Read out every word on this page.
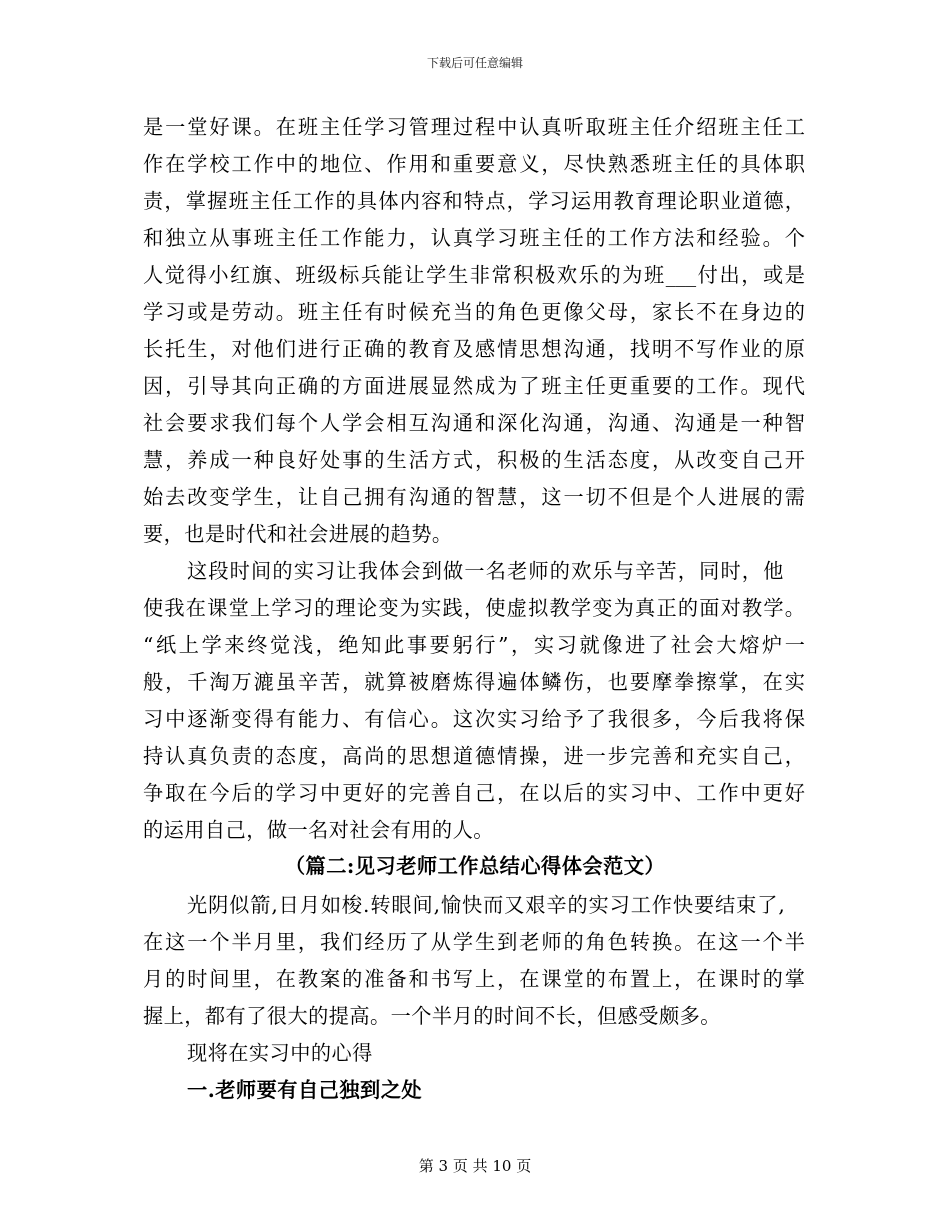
下载后可任意编辑
是一堂好课。在班主任学习管理过程中认真听取班主任介绍班主任工
作在学校工作中的地位、作用和重要意义，尽快熟悉班主任的具体职
责，掌握班主任工作的具体内容和特点，学习运用教育理论职业道德，
和独立从事班主任工作能力，认真学习班主任的工作方法和经验。个
人觉得小红旗、班级标兵能让学生非常积极欢乐的为班___付出，或是
学习或是劳动。班主任有时候充当的角色更像父母，家长不在身边的
长托生，对他们进行正确的教育及感情思想沟通，找明不写作业的原
因，引导其向正确的方面进展显然成为了班主任更重要的工作。现代
社会要求我们每个人学会相互沟通和深化沟通，沟通、沟通是一种智
慧，养成一种良好处事的生活方式，积极的生活态度，从改变自己开
始去改变学生，让自己拥有沟通的智慧，这一切不但是个人进展的需
要，也是时代和社会进展的趋势。
这段时间的实习让我体会到做一名老师的欢乐与辛苦，同时，他
使我在课堂上学习的理论变为实践，使虚拟教学变为真正的面对教学。
“纸上学来终觉浅，绝知此事要躬行”，实习就像进了社会大熔炉一
般，千淘万漉虽辛苦，就算被磨炼得遍体鳞伤，也要摩拳擦掌，在实
习中逐渐变得有能力、有信心。这次实习给予了我很多，今后我将保
持认真负责的态度，高尚的思想道德情操，进一步完善和充实自己，
争取在今后的学习中更好的完善自己，在以后的实习中、工作中更好
的运用自己，做一名对社会有用的人。
（篇二:见习老师工作总结心得体会范文）
光阴似箭,日月如梭.转眼间,愉快而又艰辛的实习工作快要结束了,
在这一个半月里，我们经历了从学生到老师的角色转换。在这一个半
月的时间里，在教案的准备和书写上，在课堂的布置上，在课时的掌
握上，都有了很大的提高。一个半月的时间不长，但感受颇多。
现将在实习中的心得
一.老师要有自己独到之处
第 3 页 共 10 页
